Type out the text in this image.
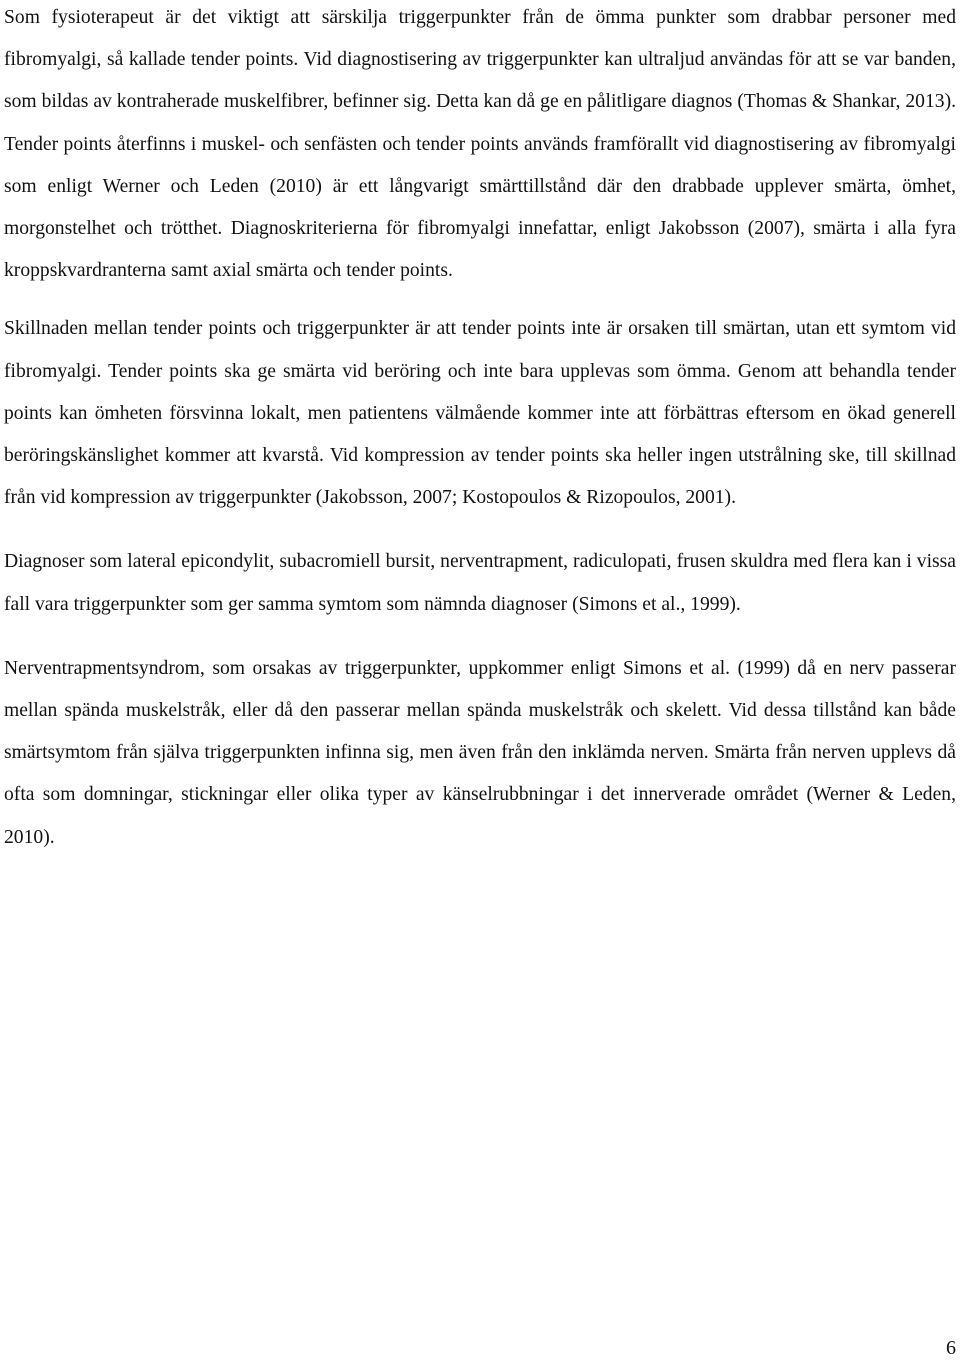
Som fysioterapeut är det viktigt att särskilja triggerpunkter från de ömma punkter som drabbar personer med fibromyalgi, så kallade tender points. Vid diagnostisering av triggerpunkter kan ultraljud användas för att se var banden, som bildas av kontraherade muskelfibrer, befinner sig. Detta kan då ge en pålitligare diagnos (Thomas & Shankar, 2013). Tender points återfinns i muskel- och senfästen och tender points används framförallt vid diagnostisering av fibromyalgi som enligt Werner och Leden (2010) är ett långvarigt smärttillstånd där den drabbade upplever smärta, ömhet, morgonstelhet och trötthet. Diagnoskriterierna för fibromyalgi innefattar, enligt Jakobsson (2007), smärta i alla fyra kroppskvardranterna samt axial smärta och tender points.

Skillnaden mellan tender points och triggerpunkter är att tender points inte är orsaken till smärtan, utan ett symtom vid fibromyalgi. Tender points ska ge smärta vid beröring och inte bara upplevas som ömma. Genom att behandla tender points kan ömheten försvinna lokalt, men patientens välmående kommer inte att förbättras eftersom en ökad generell beröringskänslighet kommer att kvarstå. Vid kompression av tender points ska heller ingen utstrålning ske, till skillnad från vid kompression av triggerpunkter (Jakobsson, 2007; Kostopoulos & Rizopoulos, 2001).

Diagnoser som lateral epicondylit, subacromiell bursit, nerventrapment, radiculopati, frusen skuldra med flera kan i vissa fall vara triggerpunkter som ger samma symtom som nämnda diagnoser (Simons et al., 1999).

Nerventrapmentsyndrom, som orsakas av triggerpunkter, uppkommer enligt Simons et al. (1999) då en nerv passerar mellan spända muskelstråk, eller då den passerar mellan spända muskelstråk och skelett. Vid dessa tillstånd kan både smärtsymtom från själva triggerpunkten infinna sig, men även från den inklämda nerven. Smärta från nerven upplevs då ofta som domningar, stickningar eller olika typer av känselrubbningar i det innerverade området (Werner & Leden, 2010).

6
